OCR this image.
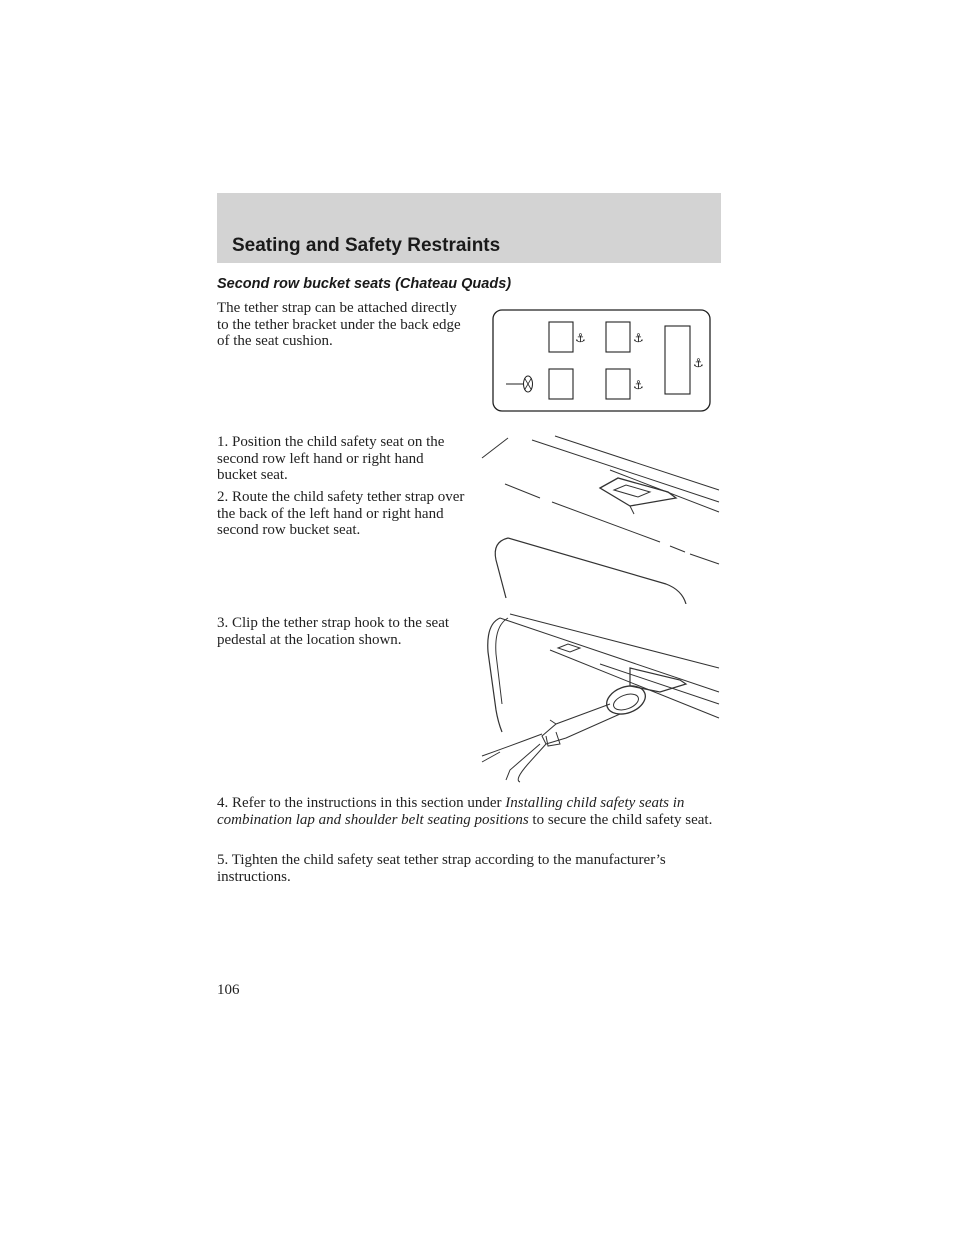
Seating and Safety Restraints
Second row bucket seats (Chateau Quads)

The tether strap can be attached directly to the tether bracket under the back edge of the seat cushion.	⚓	⚓
⚓
⚓

1. Position the child safety seat on the second row left hand or right hand bucket seat.

2. Route the child safety tether strap over the back of the left hand or right hand second row bucket seat.

3. Clip the tether strap hook to the seat pedestal at the location shown.

4. Refer to the instructions in this section under Installing child safety seats in combination lap and shoulder belt seating positions to secure the child safety seat.

5. Tighten the child safety seat tether strap according to the manufacturer’s instructions.

106
